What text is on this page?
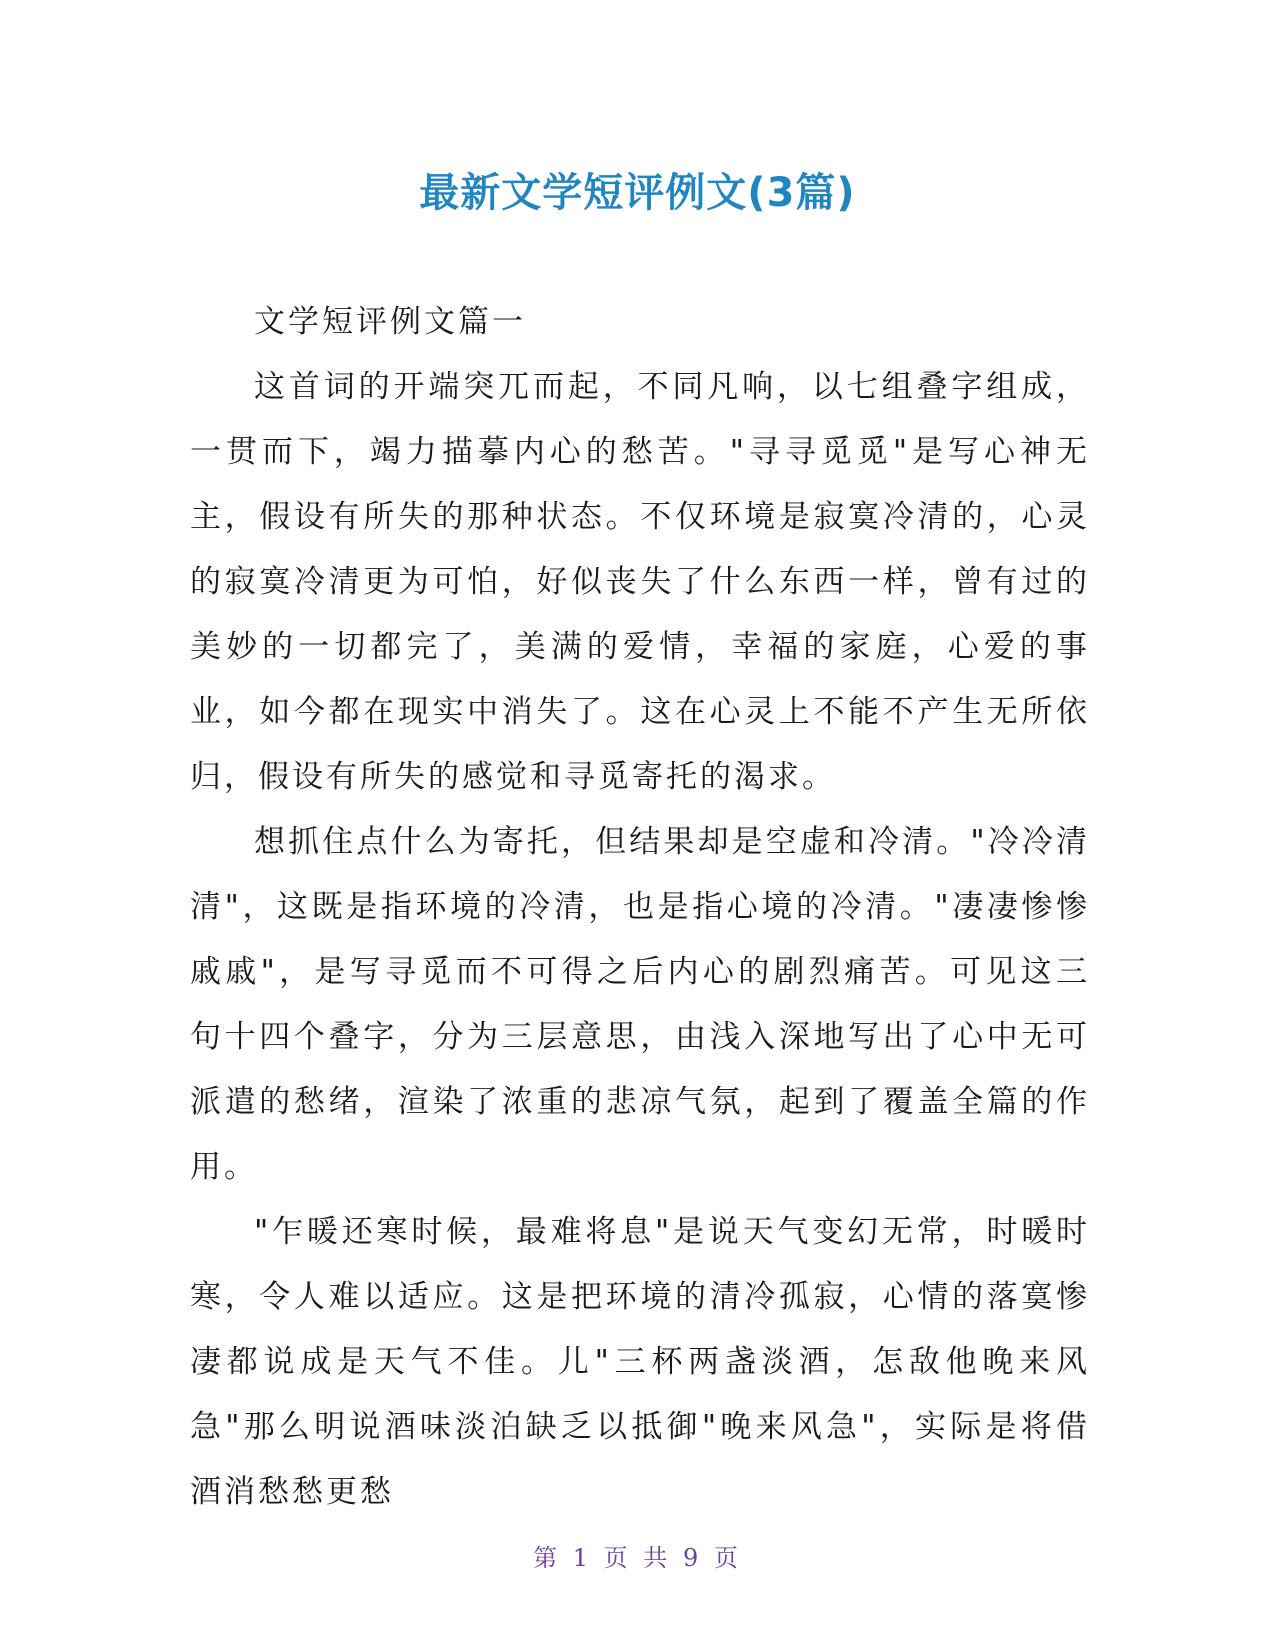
最新文学短评例文(3篇)

文学短评例文篇一

这首词的开端突兀而起，不同凡响，以七组叠字组成，一贯而下，竭力描摹内心的愁苦。"寻寻觅觅"是写心神无主，假设有所失的那种状态。不仅环境是寂寞冷清的，心灵的寂寞冷清更为可怕，好似丧失了什么东西一样，曾有过的美妙的一切都完了，美满的爱情，幸福的家庭，心爱的事业，如今都在现实中消失了。这在心灵上不能不产生无所依归，假设有所失的感觉和寻觅寄托的渴求。

想抓住点什么为寄托，但结果却是空虚和冷清。"冷冷清清"，这既是指环境的冷清，也是指心境的冷清。"凄凄惨惨戚戚"，是写寻觅而不可得之后内心的剧烈痛苦。可见这三句十四个叠字，分为三层意思，由浅入深地写出了心中无可派遣的愁绪，渲染了浓重的悲凉气氛，起到了覆盖全篇的作用。

"乍暖还寒时候，最难将息"是说天气变幻无常，时暖时寒，令人难以适应。这是把环境的清冷孤寂，心情的落寞惨凄都说成是天气不佳。儿"三杯两盏淡酒，怎敌他晚来风急"那么明说酒味淡泊缺乏以抵御"晚来风急"，实际是将借酒消愁愁更愁

第 1 页 共 9 页
